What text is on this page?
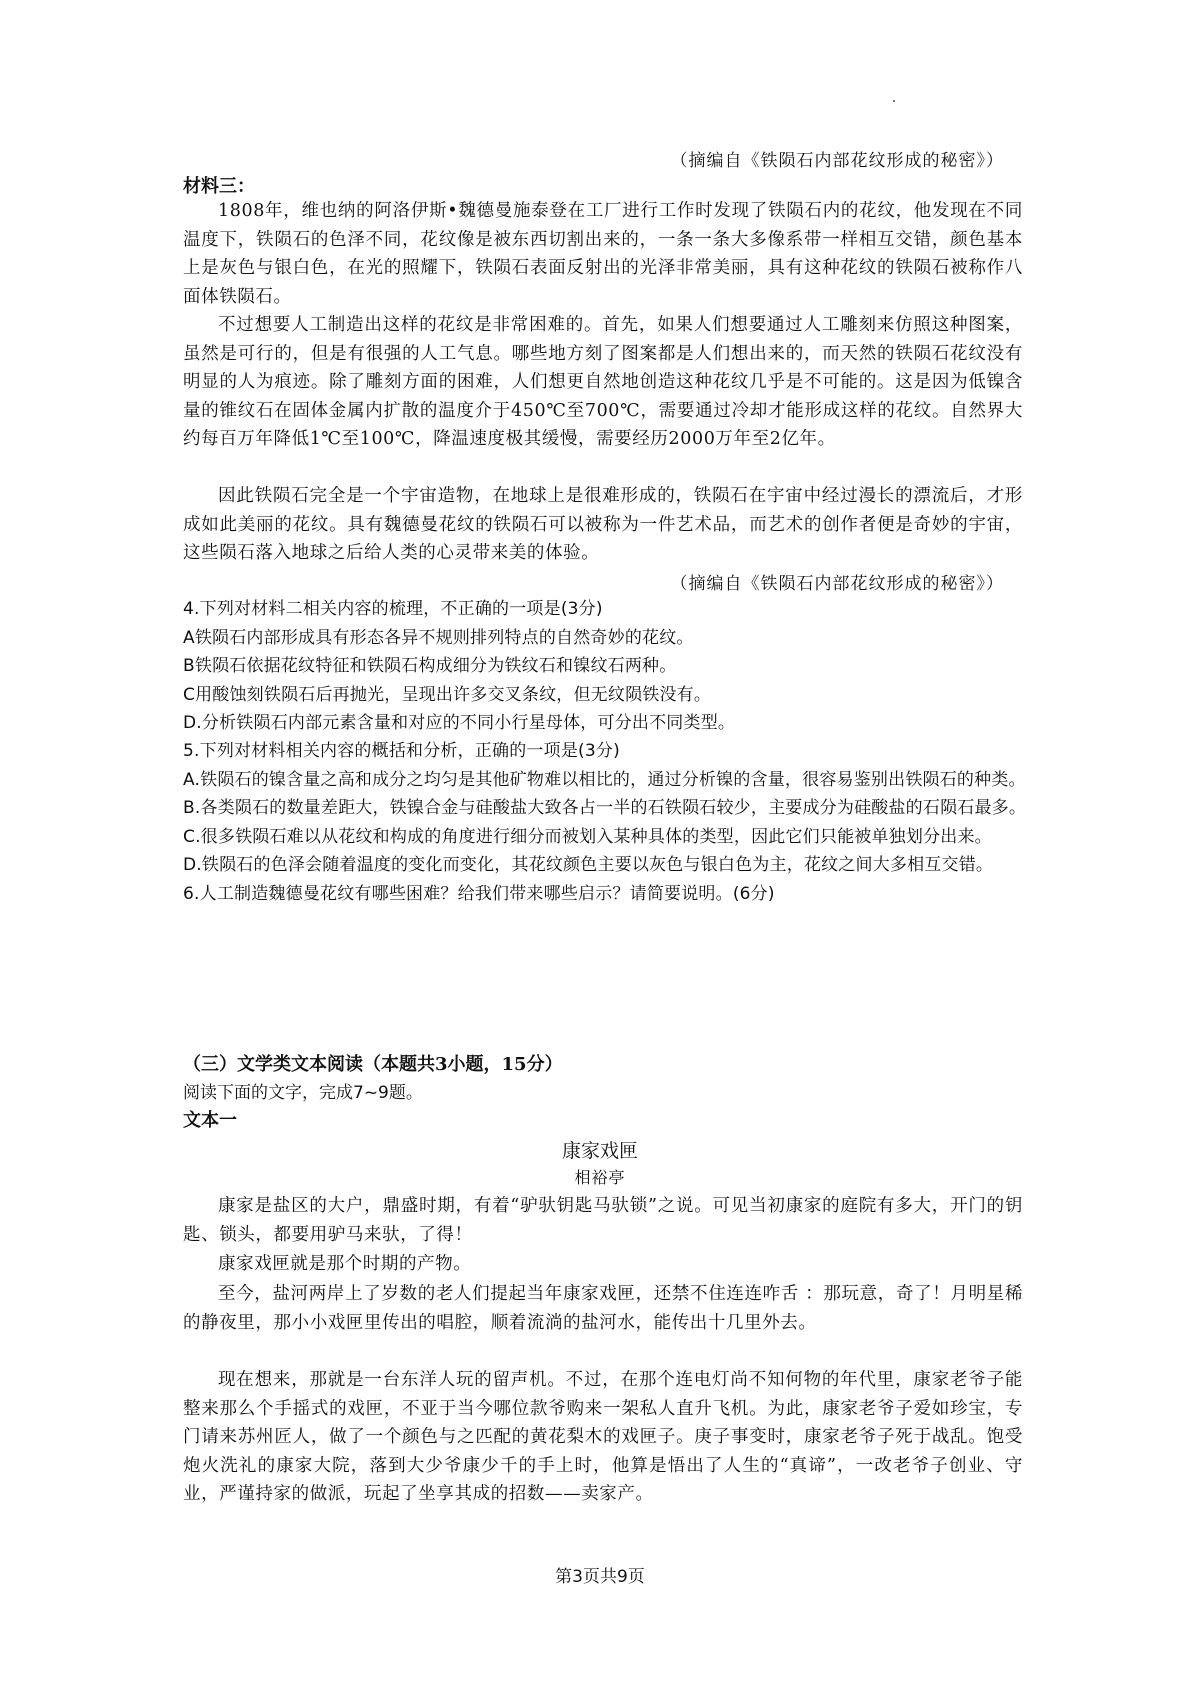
（摘编自《铁陨石内部花纹形成的秘密》）
材料三：
1808年，维也纳的阿洛伊斯•魏德曼施泰登在工厂进行工作时发现了铁陨石内的花纹，他发现在不同温度下，铁陨石的色泽不同，花纹像是被东西切割出来的，一条一条大多像系带一样相互交错，颜色基本上是灰色与银白色，在光的照耀下，铁陨石表面反射出的光泽非常美丽，具有这种花纹的铁陨石被称作八面体铁陨石。
不过想要人工制造出这样的花纹是非常困难的。首先，如果人们想要通过人工雕刻来仿照这种图案，虽然是可行的，但是有很强的人工气息。哪些地方刻了图案都是人们想出来的，而天然的铁陨石花纹没有明显的人为痕迹。除了雕刻方面的困难，人们想更自然地创造这种花纹几乎是不可能的。这是因为低镍含量的锥纹石在固体金属内扩散的温度介于450℃至700℃，需要通过冷却才能形成这样的花纹。自然界大约每百万年降低1℃至100℃，降温速度极其缓慢，需要经历2000万年至2亿年。
因此铁陨石完全是一个宇宙造物，在地球上是很难形成的，铁陨石在宇宙中经过漫长的漂流后，才形成如此美丽的花纹。具有魏德曼花纹的铁陨石可以被称为一件艺术品，而艺术的创作者便是奇妙的宇宙，这些陨石落入地球之后给人类的心灵带来美的体验。
（摘编自《铁陨石内部花纹形成的秘密》）
4.下列对材料二相关内容的梳理，不正确的一项是(3分)
A铁陨石内部形成具有形态各异不规则排列特点的自然奇妙的花纹。
B铁陨石依据花纹特征和铁陨石构成细分为铁纹石和镍纹石两种。
C用酸蚀刻铁陨石后再抛光，呈现出许多交叉条纹，但无纹陨铁没有。
D.分析铁陨石内部元素含量和对应的不同小行星母体，可分出不同类型。
5.下列对材料相关内容的概括和分析，正确的一项是(3分)
A.铁陨石的镍含量之高和成分之均匀是其他矿物难以相比的，通过分析镍的含量，很容易鉴别出铁陨石的种类。
B.各类陨石的数量差距大，铁镍合金与硅酸盐大致各占一半的石铁陨石较少，主要成分为硅酸盐的石陨石最多。
C.很多铁陨石难以从花纹和构成的角度进行细分而被划入某种具体的类型，因此它们只能被单独划分出来。
D.铁陨石的色泽会随着温度的变化而变化，其花纹颜色主要以灰色与银白色为主，花纹之间大多相互交错。
6.人工制造魏德曼花纹有哪些困难？给我们带来哪些启示？请简要说明。(6分)
（三）文学类文本阅读（本题共3小题，15分）
阅读下面的文字，完成7~9题。
文本一
康家戏匣
相裕亭
康家是盐区的大户，鼎盛时期，有着“驴驮钥匙马驮锁”之说。可见当初康家的庭院有多大，开门的钥匙、锁头，都要用驴马来驮，了得！
康家戏匣就是那个时期的产物。
至今，盐河两岸上了岁数的老人们提起当年康家戏匣，还禁不住连连咋舌 ：那玩意，奇了！月明星稀的静夜里，那小小戏匣里传出的唱腔，顺着流淌的盐河水，能传出十几里外去。
现在想来，那就是一台东洋人玩的留声机。不过，在那个连电灯尚不知何物的年代里，康家老爷子能整来那么个手摇式的戏匣，不亚于当今哪位款爷购来一架私人直升飞机。为此，康家老爷子爱如珍宝，专门请来苏州匠人，做了一个颜色与之匹配的黄花梨木的戏匣子。庚子事变时，康家老爷子死于战乱。饱受炮火洗礼的康家大院，落到大少爷康少千的手上时，他算是悟出了人生的“真谛”，一改老爷子创业、守业，严谨持家的做派，玩起了坐享其成的招数——卖家产。
第3页共9页
